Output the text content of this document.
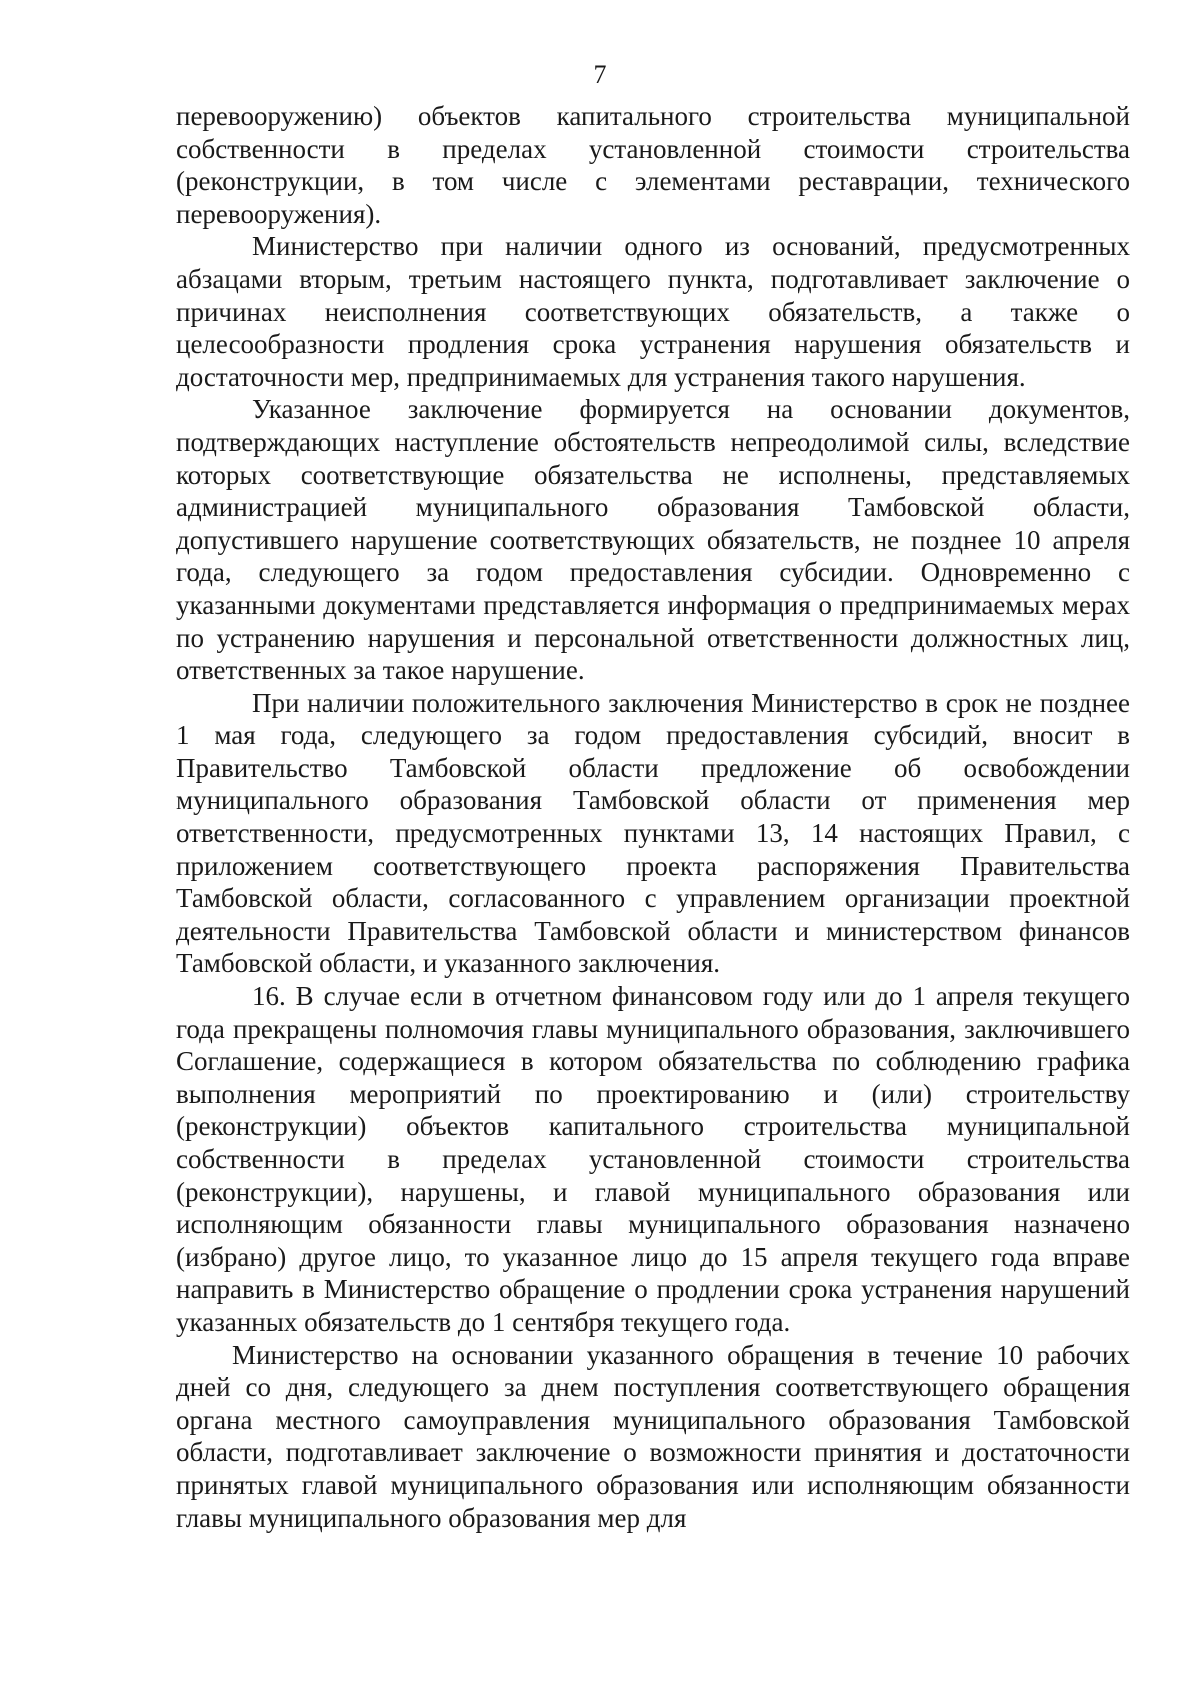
7

перевооружению) объектов капитального строительства муниципальной собственности в пределах установленной стоимости строительства (реконструкции, в том числе с элементами реставрации, технического перевооружения).

Министерство при наличии одного из оснований, предусмотренных абзацами вторым, третьим настоящего пункта, подготавливает заключение о причинах неисполнения соответствующих обязательств, а также о целесообразности продления срока устранения нарушения обязательств и достаточности мер, предпринимаемых для устранения такого нарушения.

Указанное заключение формируется на основании документов, подтверждающих наступление обстоятельств непреодолимой силы, вследствие которых соответствующие обязательства не исполнены, представляемых администрацией муниципального образования Тамбовской области, допустившего нарушение соответствующих обязательств, не позднее 10 апреля года, следующего за годом предоставления субсидии. Одновременно с указанными документами представляется информация о предпринимаемых мерах по устранению нарушения и персональной ответственности должностных лиц, ответственных за такое нарушение.

При наличии положительного заключения Министерство в срок не позднее 1 мая года, следующего за годом предоставления субсидий, вносит в Правительство Тамбовской области предложение об освобождении муниципального образования Тамбовской области от применения мер ответственности, предусмотренных пунктами 13, 14 настоящих Правил, с приложением соответствующего проекта распоряжения Правительства Тамбовской области, согласованного с управлением организации проектной деятельности Правительства Тамбовской области и министерством финансов Тамбовской области, и указанного заключения.

16. В случае если в отчетном финансовом году или до 1 апреля текущего года прекращены полномочия главы муниципального образования, заключившего Соглашение, содержащиеся в котором обязательства по соблюдению графика выполнения мероприятий по проектированию и (или) строительству (реконструкции) объектов капитального строительства муниципальной собственности в пределах установленной стоимости строительства (реконструкции), нарушены, и главой муниципального образования или исполняющим обязанности главы муниципального образования назначено (избрано) другое лицо, то указанное лицо до 15 апреля текущего года вправе направить в Министерство обращение о продлении срока устранения нарушений указанных обязательств до 1 сентября текущего года.

Министерство на основании указанного обращения в течение 10 рабочих дней со дня, следующего за днем поступления соответствующего обращения органа местного самоуправления муниципального образования Тамбовской области, подготавливает заключение о возможности принятия и достаточности принятых главой муниципального образования или исполняющим обязанности главы муниципального образования мер для
